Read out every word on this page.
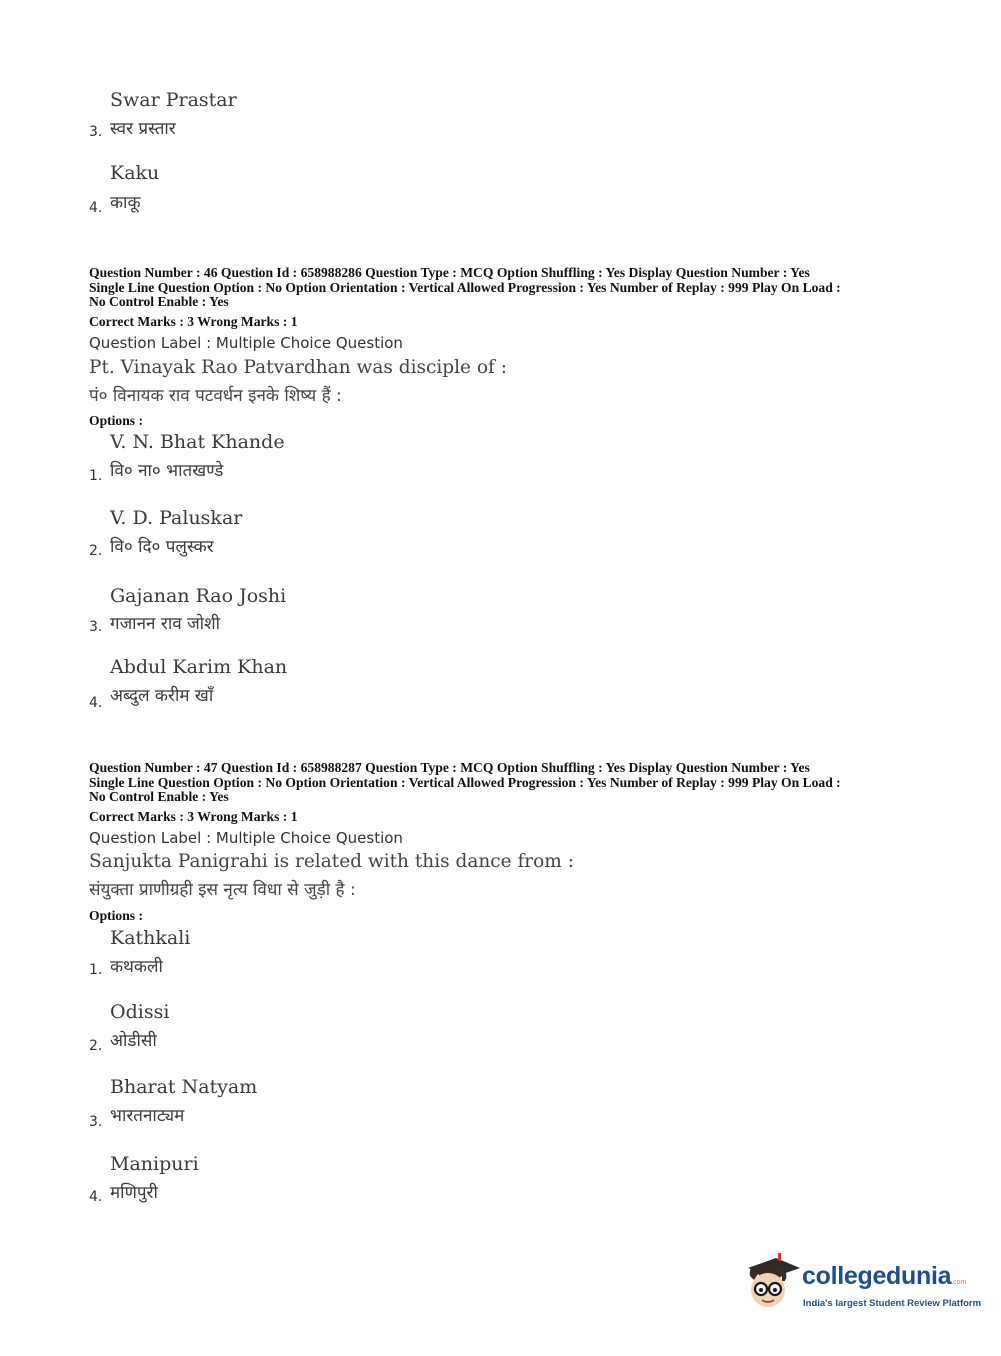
Swar Prastar
3. स्वर प्रस्तार
Kaku
4. काकू
Question Number : 46 Question Id : 658988286 Question Type : MCQ Option Shuffling : Yes Display Question Number : Yes
Single Line Question Option : No Option Orientation : Vertical Allowed Progression : Yes Number of Replay : 999 Play On Load :
No Control Enable : Yes
Correct Marks : 3 Wrong Marks : 1
Question Label : Multiple Choice Question
Pt. Vinayak Rao Patvardhan was disciple of :
पं० विनायक राव पटवर्धन इनके शिष्य हैं :
Options :
V. N. Bhat Khande
1. वि० ना० भातखण्डे
V. D. Paluskar
2. वि० दि० पलुस्कर
Gajanan Rao Joshi
3. गजानन राव जोशी
Abdul Karim Khan
4. अब्दुल करीम खाँ
Question Number : 47 Question Id : 658988287 Question Type : MCQ Option Shuffling : Yes Display Question Number : Yes
Single Line Question Option : No Option Orientation : Vertical Allowed Progression : Yes Number of Replay : 999 Play On Load :
No Control Enable : Yes
Correct Marks : 3 Wrong Marks : 1
Question Label : Multiple Choice Question
Sanjukta Panigrahi is related with this dance from :
संयुक्ता प्राणीग्रही इस नृत्य विधा से जुड़ी है :
Options :
Kathkali
1. कथकली
Odissi
2. ओडीसी
Bharat Natyam
3. भारतनाट्यम
Manipuri
4. मणिपुरी
collegedunia.com
India's largest Student Review Platform
